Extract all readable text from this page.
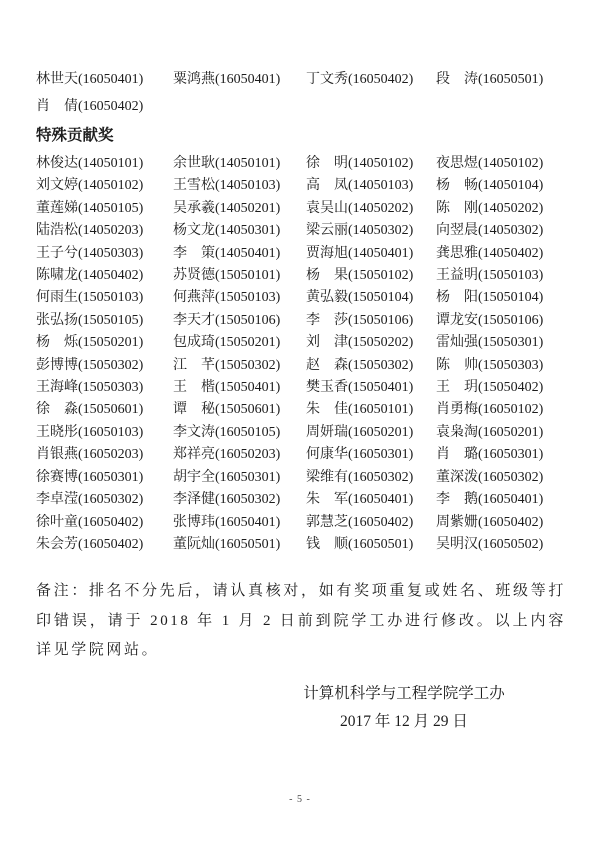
林世天(16050401)	粟鸿燕(16050401)	丁文秀(16050402)	段　涛(16050501)
肖　倩(16050402)
特殊贡献奖
林俊达(14050101)	余世耿(14050101)	徐　明(14050102)	夜思煜(14050102)
刘文婷(14050102)	王雪松(14050103)	高　凤(14050103)	杨　畅(14050104)
董莲娣(14050105)	吴承羲(14050201)	袁吴山(14050202)	陈　刚(14050202)
陆浩松(14050203)	杨文龙(14050301)	梁云丽(14050302)	向翌晨(14050302)
王子兮(14050303)	李　策(14050401)	贾海旭(14050401)	龚思雅(14050402)
陈啸龙(14050402)	苏贤德(15050101)	杨　果(15050102)	王益明(15050103)
何雨生(15050103)	何燕萍(15050103)	黄弘毅(15050104)	杨　阳(15050104)
张弘扬(15050105)	李天才(15050106)	李　莎(15050106)	谭龙安(15050106)
杨　烁(15050201)	包成琦(15050201)	刘　津(15050202)	雷灿强(15050301)
彭博博(15050302)	江　芊(15050302)	赵　森(15050302)	陈　帅(15050303)
王海峰(15050303)	王　楷(15050401)	樊玉香(15050401)	王　玥(15050402)
徐　淼(15050601)	谭　秘(15050601)	朱　佳(16050101)	肖勇梅(16050102)
王晓彤(16050103)	李文涛(16050105)	周妍瑞(16050201)	袁枭淘(16050201)
肖银燕(16050203)	郑祥亮(16050203)	何康华(16050301)	肖　璐(16050301)
徐赛博(16050301)	胡宇全(16050301)	梁维有(16050302)	董深泼(16050302)
李卓滢(16050302)	李泽健(16050302)	朱　军(16050401)	李　鹅(16050401)
徐叶童(16050402)	张博玮(16050401)	郭慧芝(16050402)	周紫姗(16050402)
朱会芳(16050402)	董阮灿(16050501)	钱　顺(16050501)	吴明汉(16050502)

备注：排名不分先后，请认真核对，如有奖项重复或姓名、班级等打印错误，请于 2018 年 1 月 2 日前到院学工办进行修改。以上内容详见学院网站。

计算机科学与工程学院学工办
2017 年 12 月 29 日
- 5 -
